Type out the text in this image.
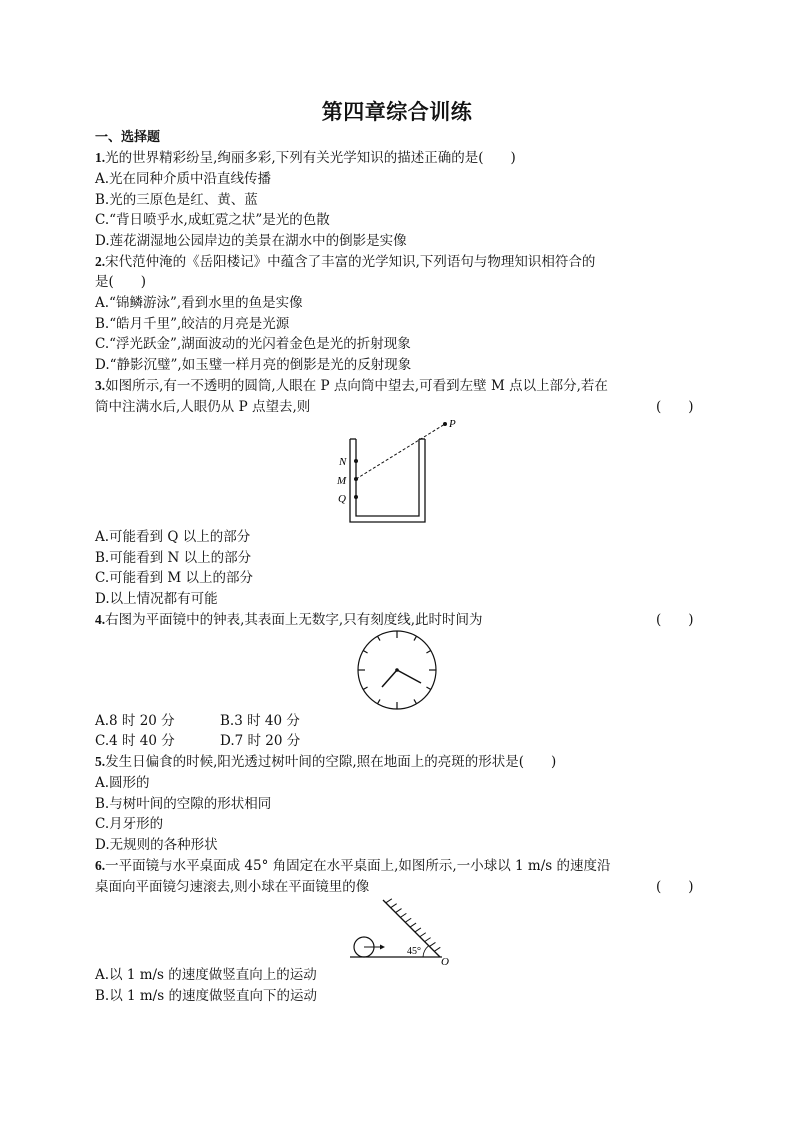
第四章综合训练
一、选择题
1.光的世界精彩纷呈,绚丽多彩,下列有关光学知识的描述正确的是(　　)
A.光在同种介质中沿直线传播
B.光的三原色是红、黄、蓝
C.“背日喷乎水,成虹霓之状”是光的色散
D.莲花湖湿地公园岸边的美景在湖水中的倒影是实像
2.宋代范仲淹的《岳阳楼记》中蕴含了丰富的光学知识,下列语句与物理知识相符合的
是(　　)
A.“锦鳞游泳”,看到水里的鱼是实像
B.“皓月千里”,皎洁的月亮是光源
C.“浮光跃金”,湖面波动的光闪着金色是光的折射现象
D.“静影沉璧”,如玉璧一样月亮的倒影是光的反射现象
3.如图所示,有一不透明的圆筒,人眼在 P 点向筒中望去,可看到左壁 M 点以上部分,若在
筒中注满水后,人眼仍从 P 点望去,则	(　　)
P
N
M
Q
A.可能看到 Q 以上的部分
B.可能看到 N 以上的部分
C.可能看到 M 以上的部分
D.以上情况都有可能
4.右图为平面镜中的钟表,其表面上无数字,只有刻度线,此时时间为	(　　)
A.8 时 20 分	B.3 时 40 分
C.4 时 40 分	D.7 时 20 分
5.发生日偏食的时候,阳光透过树叶间的空隙,照在地面上的亮斑的形状是(　　)
A.圆形的
B.与树叶间的空隙的形状相同
C.月牙形的
D.无规则的各种形状
6.一平面镜与水平桌面成 45° 角固定在水平桌面上,如图所示,一小球以 1 m/s 的速度沿
桌面向平面镜匀速滚去,则小球在平面镜里的像	(　　)
45°
O
A.以 1 m/s 的速度做竖直向上的运动
B.以 1 m/s 的速度做竖直向下的运动
